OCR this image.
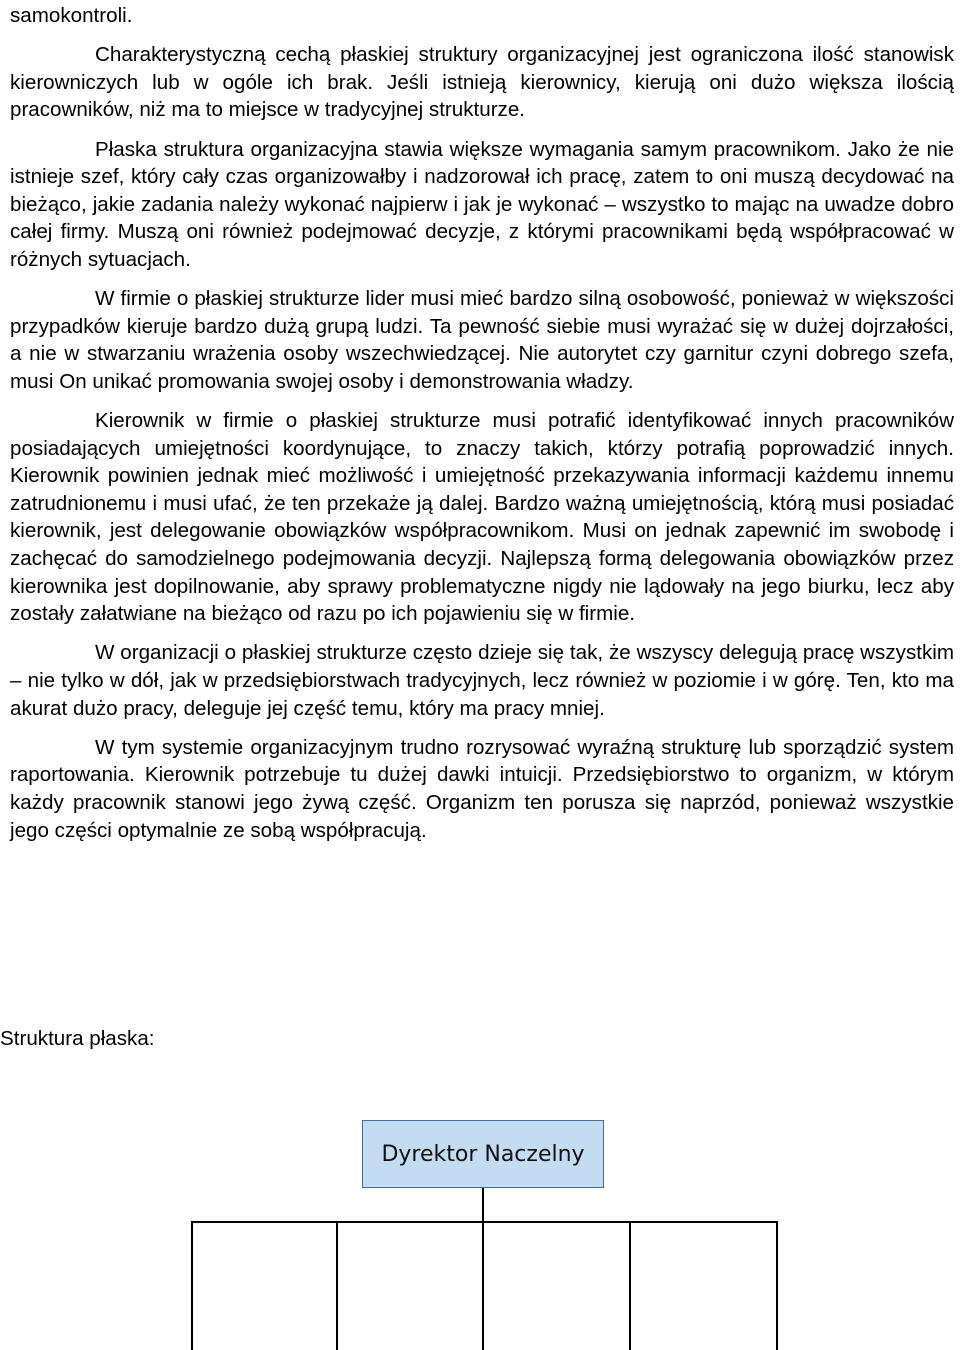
samokontroli.

Charakterystyczną cechą płaskiej struktury organizacyjnej jest ograniczona ilość stanowisk kierowniczych lub w ogóle ich brak. Jeśli istnieją kierownicy, kierują oni dużo większa ilością pracowników, niż ma to miejsce w tradycyjnej strukturze.

Płaska struktura organizacyjna stawia większe wymagania samym pracownikom. Jako że nie istnieje szef, który cały czas organizowałby i nadzorował ich pracę, zatem to oni muszą decydować na bieżąco, jakie zadania należy wykonać najpierw i jak je wykonać – wszystko to mając na uwadze dobro całej firmy. Muszą oni również podejmować decyzje, z którymi pracownikami będą współpracować w różnych sytuacjach.

W firmie o płaskiej strukturze lider musi mieć bardzo silną osobowość, ponieważ w większości przypadków kieruje bardzo dużą grupą ludzi. Ta pewność siebie musi wyrażać się w dużej dojrzałości, a nie w stwarzaniu wrażenia osoby wszechwiedzącej. Nie autorytet czy garnitur czyni dobrego szefa, musi On unikać promowania swojej osoby i demonstrowania władzy.

Kierownik w firmie o płaskiej strukturze musi potrafić identyfikować innych pracowników posiadających umiejętności koordynujące, to znaczy takich, którzy potrafią poprowadzić innych. Kierownik powinien jednak mieć możliwość i umiejętność przekazywania informacji każdemu innemu zatrudnionemu i musi ufać, że ten przekaże ją dalej. Bardzo ważną umiejętnością, którą musi posiadać kierownik, jest delegowanie obowiązków współpracownikom. Musi on jednak zapewnić im swobodę i zachęcać do samodzielnego podejmowania decyzji. Najlepszą formą delegowania obowiązków przez kierownika jest dopilnowanie, aby sprawy problematyczne nigdy nie lądowały na jego biurku, lecz aby zostały załatwiane na bieżąco od razu po ich pojawieniu się w firmie.

W organizacji o płaskiej strukturze często dzieje się tak, że wszyscy delegują pracę wszystkim – nie tylko w dół, jak w przedsiębiorstwach tradycyjnych, lecz również w poziomie i w górę. Ten, kto ma akurat dużo pracy, deleguje jej część temu, który ma pracy mniej.

W tym systemie organizacyjnym trudno rozrysować wyraźną strukturę lub sporządzić system raportowania. Kierownik potrzebuje tu dużej dawki intuicji. Przedsiębiorstwo to organizm, w którym każdy pracownik stanowi jego żywą część. Organizm ten porusza się naprzód, ponieważ wszystkie jego części optymalnie ze sobą współpracują.

Struktura płaska:
Dyrektor Naczelny
